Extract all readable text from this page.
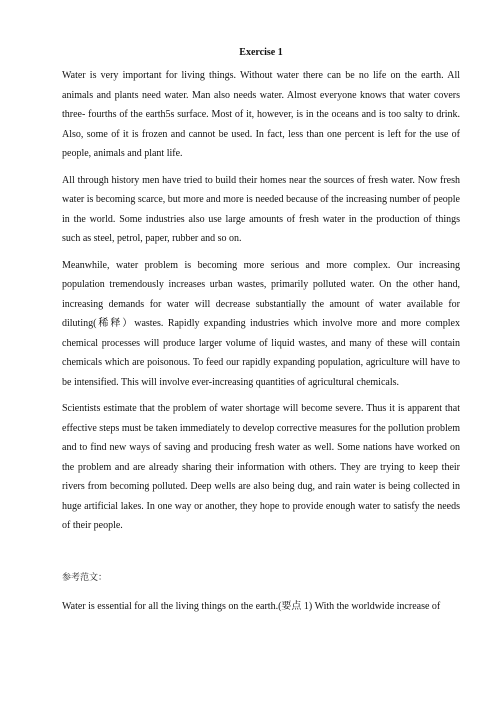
Exercise 1

Water is very important for living things. Without water there can be no life on the earth. All animals and plants need water. Man also needs water. Almost everyone knows that water covers three- fourths of the earth5s surface. Most of it, however, is in the oceans and is too salty to drink. Also, some of it is frozen and cannot be used. In fact, less than one percent is left for the use of people, animals and plant life.

All through history men have tried to build their homes near the sources of fresh water. Now fresh water is becoming scarce, but more and more is needed because of the increasing number of people in the world. Some industries also use large amounts of fresh water in the production of things such as steel, petrol, paper, rubber and so on.

Meanwhile, water problem is becoming more serious and more complex. Our increasing population tremendously increases urban wastes, primarily polluted water. On the other hand, increasing demands for water will decrease substantially the amount of water available for diluting(稀释）wastes. Rapidly expanding industries which involve more and more complex chemical processes will produce larger volume of liquid wastes, and many of these will contain chemicals which are poisonous. To feed our rapidly expanding population, agriculture will have to be intensified. This will involve ever-increasing quantities of agricultural chemicals.

Scientists estimate that the problem of water shortage will become severe. Thus it is apparent that effective steps must be taken immediately to develop corrective measures for the pollution problem and to find new ways of saving and producing fresh water as well. Some nations have worked on the problem and are already sharing their information with others. They are trying to keep their rivers from becoming polluted. Deep wells are also being dug, and rain water is being collected in huge artificial lakes. In one way or another, they hope to provide enough water to satisfy the needs of their people.

参考范文：

Water is essential for all the living things on the earth.(要点 1) With the worldwide increase of
